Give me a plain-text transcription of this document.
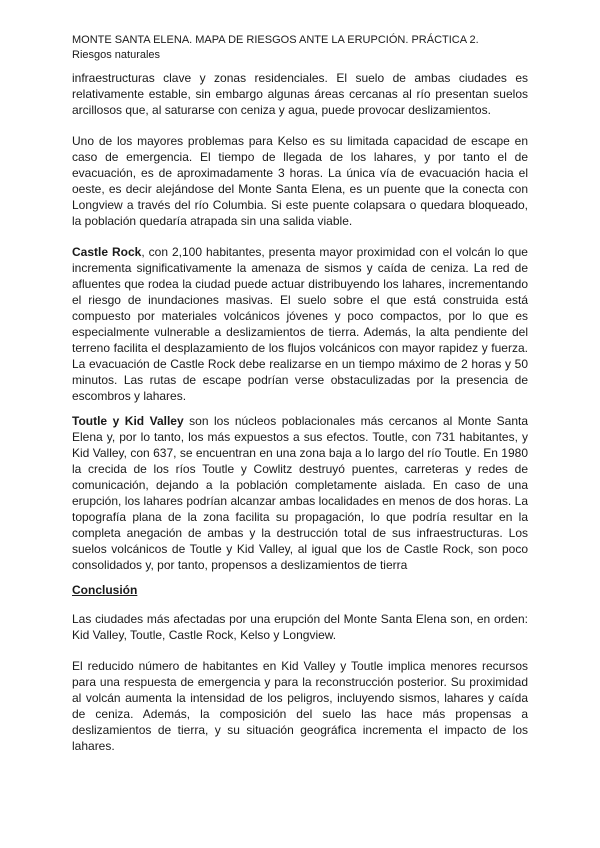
MONTE SANTA ELENA. MAPA DE RIESGOS ANTE LA ERUPCIÓN. PRÁCTICA 2.
Riesgos naturales

infraestructuras clave y zonas residenciales. El suelo de ambas ciudades es relativamente estable, sin embargo algunas áreas cercanas al río presentan suelos arcillosos que, al saturarse con ceniza y agua, puede provocar deslizamientos.

Uno de los mayores problemas para Kelso es su limitada capacidad de escape en caso de emergencia. El tiempo de llegada de los lahares, y por tanto el de evacuación, es de aproximadamente 3 horas. La única vía de evacuación hacia el oeste, es decir alejándose del Monte Santa Elena, es un puente que la conecta con Longview a través del río Columbia. Si este puente colapsara o quedara bloqueado, la población quedaría atrapada sin una salida viable.

Castle Rock, con 2,100 habitantes, presenta mayor proximidad con el volcán lo que incrementa significativamente la amenaza de sismos y caída de ceniza. La red de afluentes que rodea la ciudad puede actuar distribuyendo los lahares, incrementando el riesgo de inundaciones masivas. El suelo sobre el que está construida está compuesto por materiales volcánicos jóvenes y poco compactos, por lo que es especialmente vulnerable a deslizamientos de tierra. Además, la alta pendiente del terreno facilita el desplazamiento de los flujos volcánicos con mayor rapidez y fuerza. La evacuación de Castle Rock debe realizarse en un tiempo máximo de 2 horas y 50 minutos. Las rutas de escape podrían verse obstaculizadas por la presencia de escombros y lahares.

Toutle y Kid Valley son los núcleos poblacionales más cercanos al Monte Santa Elena y, por lo tanto, los más expuestos a sus efectos. Toutle, con 731 habitantes, y Kid Valley, con 637, se encuentran en una zona baja a lo largo del río Toutle. En 1980 la crecida de los ríos Toutle y Cowlitz destruyó puentes, carreteras y redes de comunicación, dejando a la población completamente aislada. En caso de una erupción, los lahares podrían alcanzar ambas localidades en menos de dos horas. La topografía plana de la zona facilita su propagación, lo que podría resultar en la completa anegación de ambas y la destrucción total de sus infraestructuras. Los suelos volcánicos de Toutle y Kid Valley, al igual que los de Castle Rock, son poco consolidados y, por tanto, propensos a deslizamientos de tierra

Conclusión

Las ciudades más afectadas por una erupción del Monte Santa Elena son, en orden: Kid Valley, Toutle, Castle Rock, Kelso y Longview.

El reducido número de habitantes en Kid Valley y Toutle implica menores recursos para una respuesta de emergencia y para la reconstrucción posterior. Su proximidad al volcán aumenta la intensidad de los peligros, incluyendo sismos, lahares y caída de ceniza. Además, la composición del suelo las hace más propensas a deslizamientos de tierra, y su situación geográfica incrementa el impacto de los lahares.
